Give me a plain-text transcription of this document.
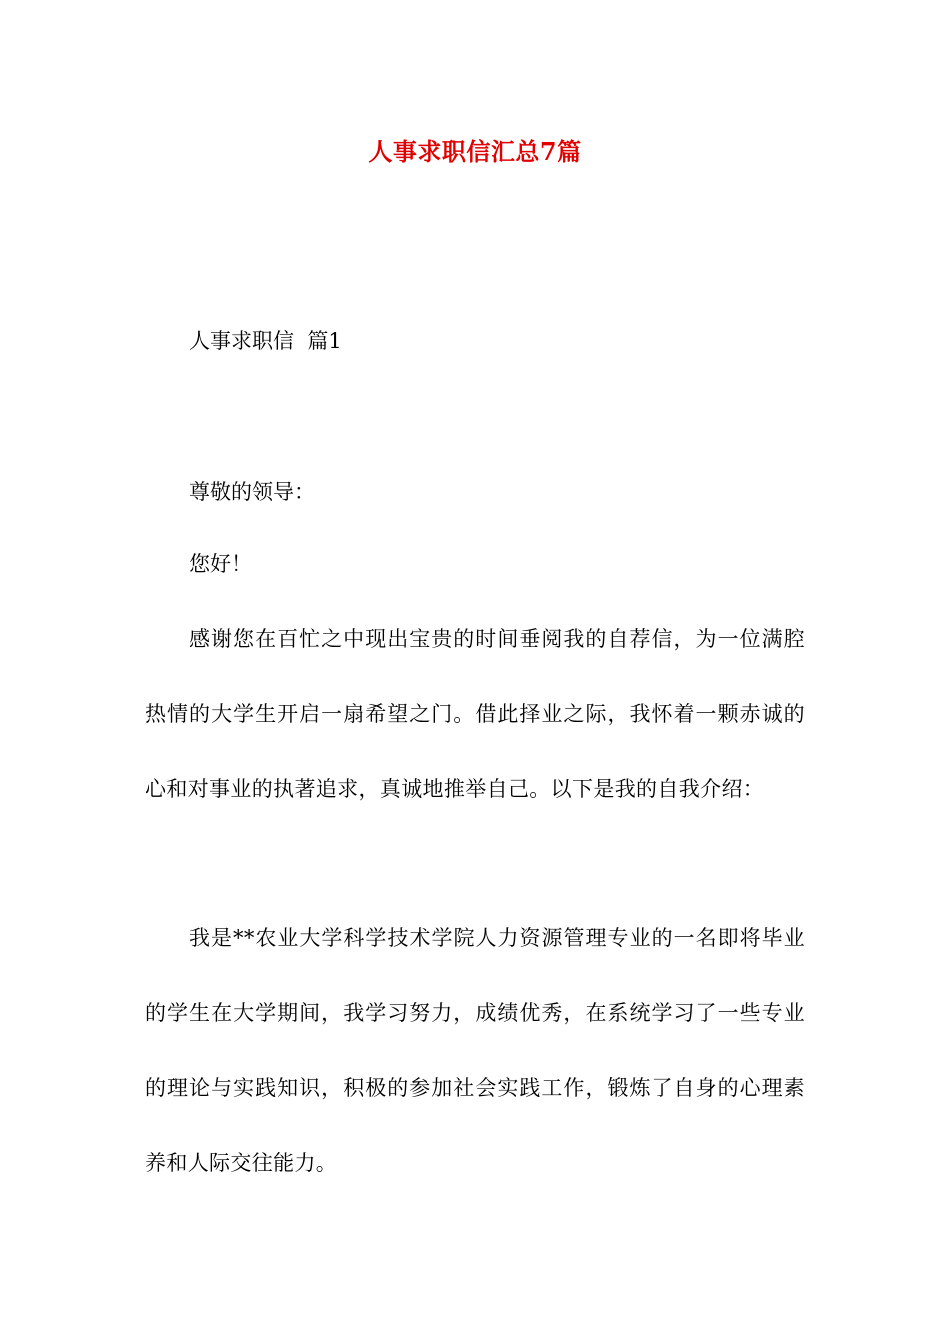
人事求职信汇总7篇
人事求职信  篇1
尊敬的领导：
您好！

感谢您在百忙之中现出宝贵的时间垂阅我的自荐信，为一位满腔热情的大学生开启一扇希望之门。借此择业之际，我怀着一颗赤诚的心和对事业的执著追求，真诚地推举自己。以下是我的自我介绍：

我是**农业大学科学技术学院人力资源管理专业的一名即将毕业的学生在大学期间，我学习努力，成绩优秀，在系统学习了一些专业的理论与实践知识，积极的参加社会实践工作，锻炼了自身的心理素养和人际交往能力。
